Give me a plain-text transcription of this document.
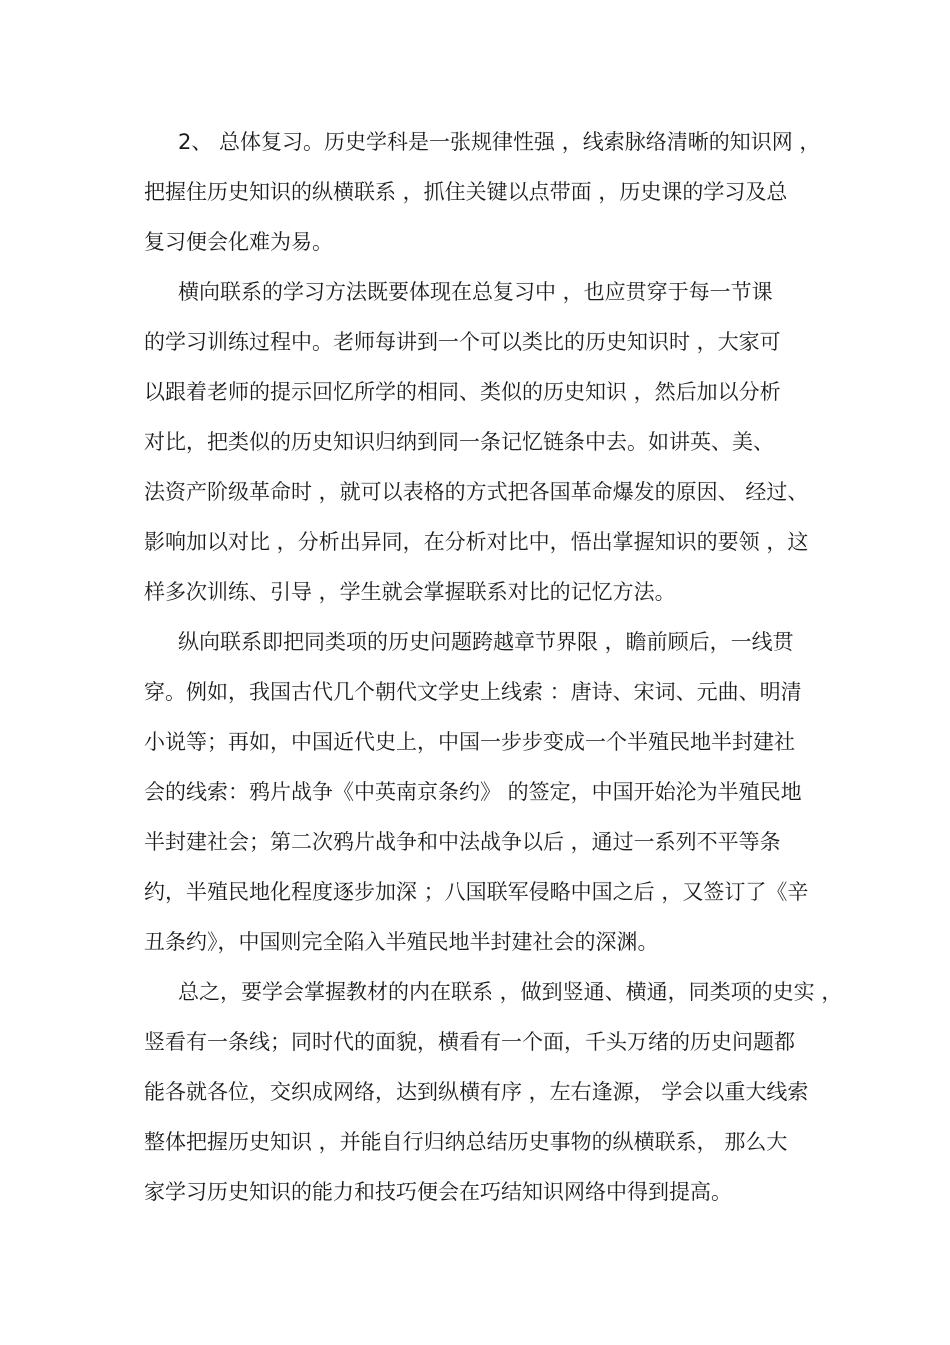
2、 总体复习。历史学科是一张规律性强 ，线索脉络清晰的知识网 ，
把握住历史知识的纵横联系 ，抓住关键以点带面 ，历史课的学习及总
复习便会化难为易。
横向联系的学习方法既要体现在总复习中 ，也应贯穿于每一节课
的学习训练过程中。老师每讲到一个可以类比的历史知识时 ，大家可
以跟着老师的提示回忆所学的相同、类似的历史知识 ，然后加以分析
对比，把类似的历史知识归纳到同一条记忆链条中去。如讲英、美、
法资产阶级革命时 ，就可以表格的方式把各国革命爆发的原因、 经过、
影响加以对比 ，分析出异同，在分析对比中，悟出掌握知识的要领 ，这
样多次训练、引导 ，学生就会掌握联系对比的记忆方法。
纵向联系即把同类项的历史问题跨越章节界限 ，瞻前顾后，一线贯
穿。例如，我国古代几个朝代文学史上线索 ：唐诗、宋词、元曲、明清
小说等；再如，中国近代史上，中国一步步变成一个半殖民地半封建社
会的线索：鸦片战争《中英南京条约》 的签定，中国开始沦为半殖民地
半封建社会；第二次鸦片战争和中法战争以后 ，通过一系列不平等条
约，半殖民地化程度逐步加深 ；八国联军侵略中国之后 ，又签订了《辛
丑条约》，中国则完全陷入半殖民地半封建社会的深渊。
总之，要学会掌握教材的内在联系 ，做到竖通、横通，同类项的史实 ，
竖看有一条线；同时代的面貌，横看有一个面，千头万绪的历史问题都
能各就各位，交织成网络，达到纵横有序 ，左右逢源， 学会以重大线索
整体把握历史知识 ，并能自行归纳总结历史事物的纵横联系， 那么大
家学习历史知识的能力和技巧便会在巧结知识网络中得到提高。
